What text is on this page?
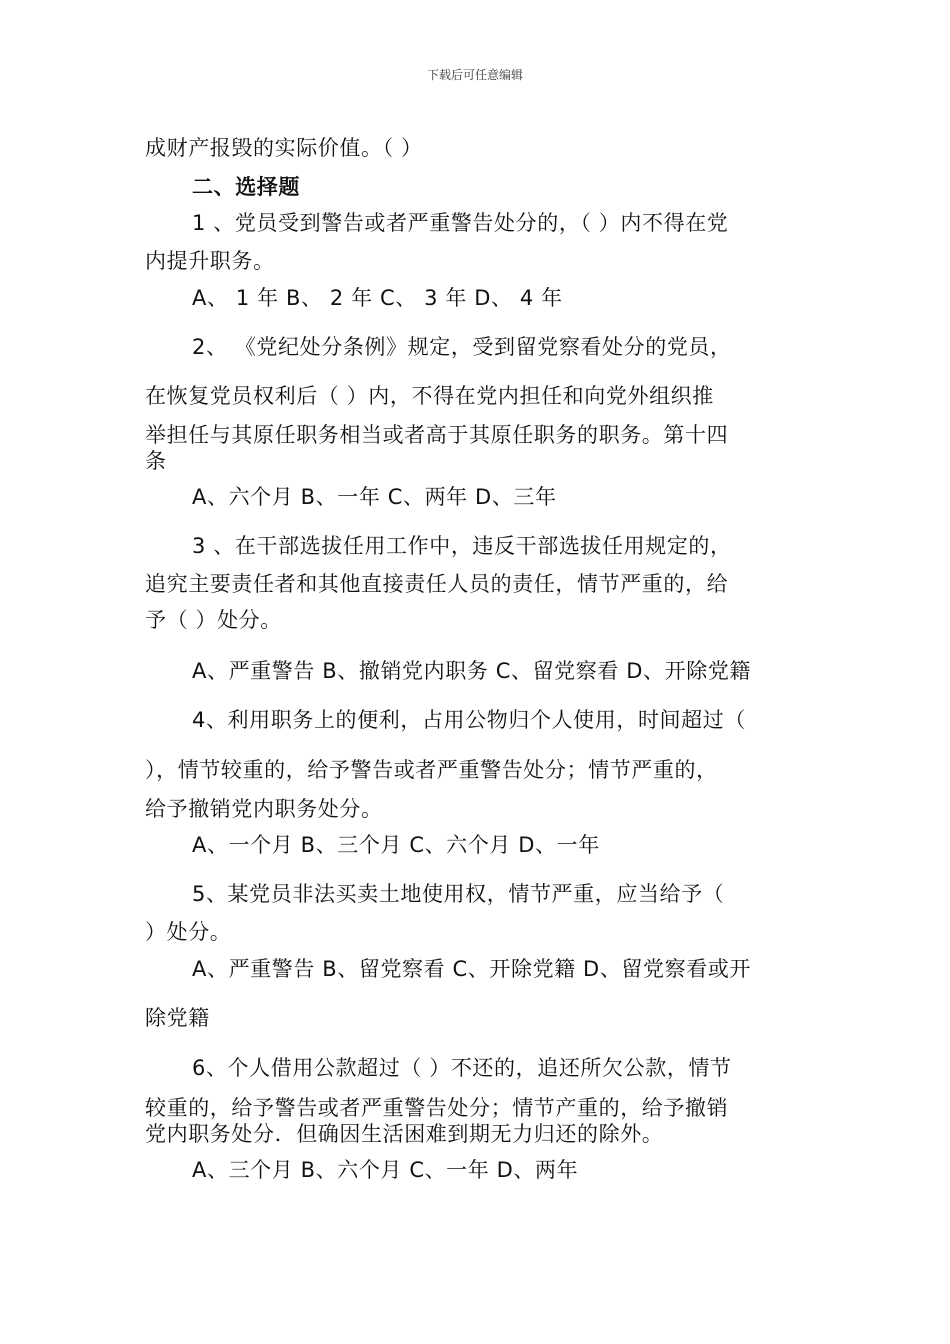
下载后可任意编辑
成财产报毁的实际价值。（ ）
二、选择题
1 、党员受到警告或者严重警告处分的，（ ）内不得在党
内提升职务。
A、 1 年 B、 2 年 C、 3 年 D、 4 年
2、 《党纪处分条例》规定，受到留党察看处分的党员，
在恢复党员权利后（ ）内，不得在党内担任和向党外组织推
举担任与其原任职务相当或者高于其原任职务的职务。第十四
条
A、六个月 B、一年 C、两年 D、三年
3 、在干部选拔任用工作中，违反干部选拔任用规定的，
追究主要责任者和其他直接责任人员的责任，情节严重的，给
予（ ）处分。
A、严重警告 B、撤销党内职务 C、留党察看 D、开除党籍
4、利用职务上的便利，占用公物归个人使用，时间超过（
），情节较重的，给予警告或者严重警告处分；情节严重的，
给予撤销党内职务处分。
A、一个月 B、三个月 C、六个月 D、一年
5、某党员非法买卖土地使用权，情节严重，应当给予（
）处分。
A、严重警告 B、留党察看 C、开除党籍 D、留党察看或开
除党籍
6、个人借用公款超过（ ）不还的，追还所欠公款，情节
较重的，给予警告或者严重警告处分；情节产重的，给予撤销
党内职务处分．但确因生活困难到期无力归还的除外。
A、三个月 B、六个月 C、一年 D、两年
